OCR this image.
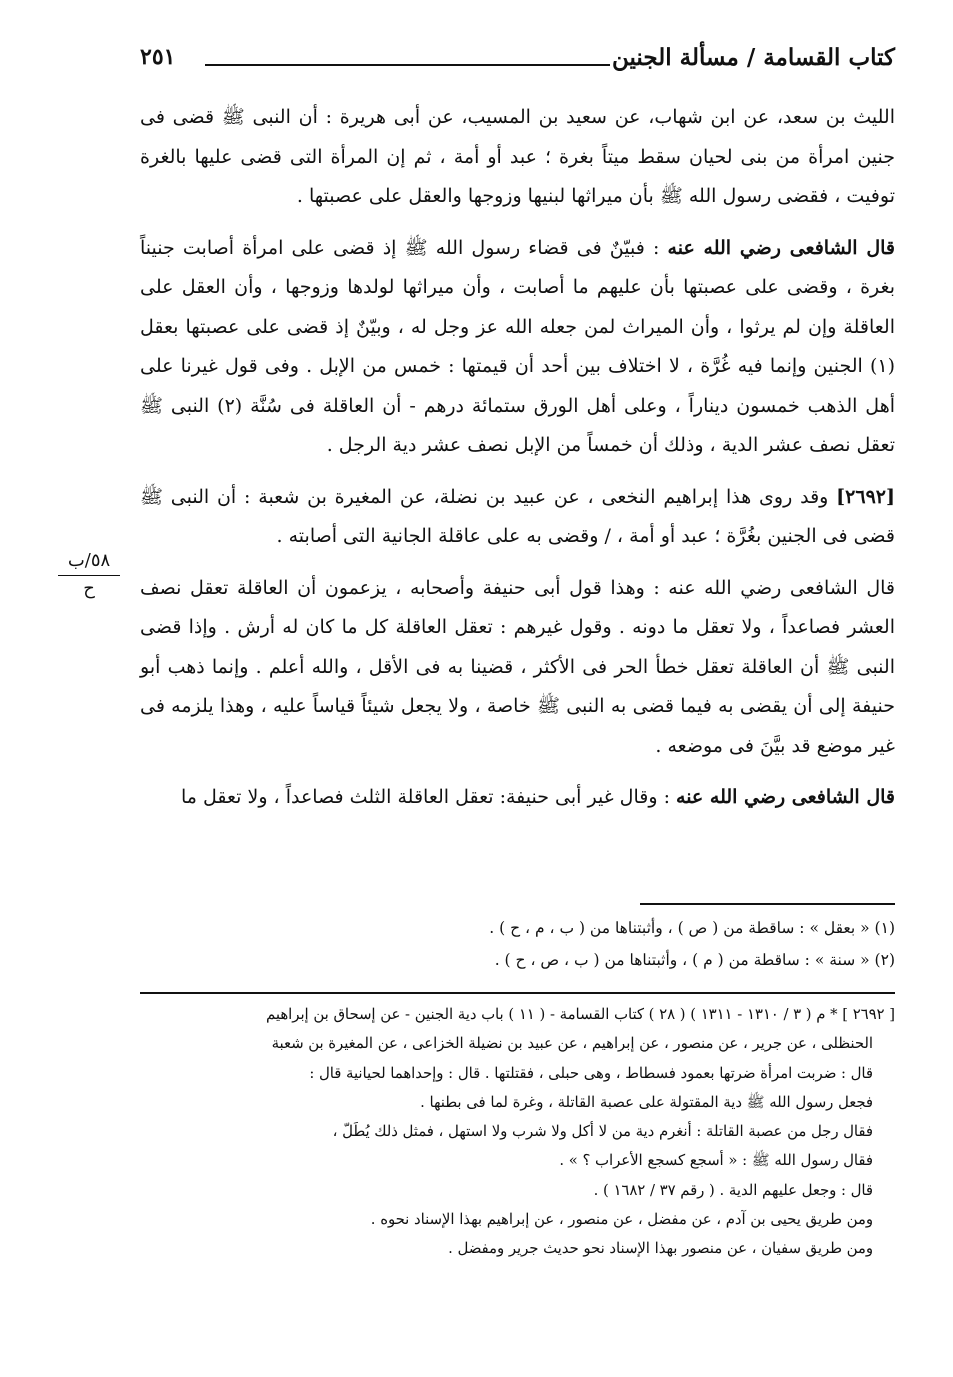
كتاب القسامة / مسألة الجنين
٢٥١

الليث بن سعد، عن ابن شهاب، عن سعيد بن المسيب، عن أبى هريرة : أن النبى ﷺ قضى فى جنين امرأة من بنى لحيان سقط ميتاً بغرة ؛ عبد أو أمة ، ثم إن المرأة التى قضى عليها بالغرة توفيت ، فقضى رسول الله ﷺ بأن ميراثها لبنيها وزوجها والعقل على عصبتها .

قال الشافعى رضي الله عنه : فبيّنٌ فى قضاء رسول الله ﷺ إذ قضى على امرأة أصابت جنيناً بغرة ، وقضى على عصبتها بأن عليهم ما أصابت ، وأن ميراثها لولدها وزوجها ، وأن العقل على العاقلة وإن لم يرثوا ، وأن الميراث لمن جعله الله عز وجل له ، وبيّنٌ إذ قضى على عصبتها بعقل (١) الجنين وإنما فيه غُرَّة ، لا اختلاف بين أحد أن قيمتها : خمس من الإبل . وفى قول غيرنا على أهل الذهب خمسون ديناراً ، وعلى أهل الورق ستمائة درهم - أن العاقلة فى سُنَّة (٢) النبى ﷺ تعقل نصف عشر الدية ، وذلك أن خمساً من الإبل نصف عشر دية الرجل .

[٢٦٩٢] وقد روى هذا إبراهيم النخعى ، عن عبيد بن نضلة، عن المغيرة بن شعبة : أن النبى ﷺ قضى فى الجنين بغُرَّة ؛ عبد أو أمة ، / وقضى به على عاقلة الجانية التى أصابته .

قال الشافعى رضي الله عنه : وهذا قول أبى حنيفة وأصحابه ، يزعمون أن العاقلة تعقل نصف العشر فصاعداً ، ولا تعقل ما دونه . وقول غيرهم : تعقل العاقلة كل ما كان له أرش . وإذا قضى النبى ﷺ أن العاقلة تعقل خطأ الحر فى الأكثر ، قضينا به فى الأقل ، والله أعلم . وإنما ذهب أبو حنيفة إلى أن يقضى به فيما قضى به النبى ﷺ خاصة ، ولا يجعل شيئاً قياساً عليه ، وهذا يلزمه فى غير موضع قد بيَّنَ فى موضعه .

قال الشافعى رضي الله عنه : وقال غير أبى حنيفة: تعقل العاقلة الثلث فصاعداً ، ولا تعقل ما

٥٨/ب
ح
(١) « بعقل » : ساقطة من ( ص ) ، وأثبتناها من ( ب ، م ، ح ) .
(٢) « سنة » : ساقطة من ( م ) ، وأثبتناها من ( ب ، ص ، ح ) .
[ ٢٦٩٢ ] * م ( ٣ / ١٣١٠ - ١٣١١ ) ( ٢٨ ) كتاب القسامة - ( ١١ ) باب دية الجنين - عن إسحاق بن إبراهيم
الحنظلى ، عن جرير ، عن منصور ، عن إبراهيم ، عن عبيد بن نضيلة الخزاعى ، عن المغيرة بن شعبة
قال : ضربت امرأة ضرتها بعمود فسطاط ، وهى حبلى ، فقتلتها . قال : وإحداهما لحيانية قال :
فجعل رسول الله ﷺ دية المقتولة على عصبة القاتلة ، وغرة لما فى بطنها .
فقال رجل من عصبة القاتلة : أنغرم دية من لا أكل ولا شرب ولا استهل ، فمثل ذلك يُطَلّ ،
فقال رسول الله ﷺ : « أسجع كسجع الأعراب ؟ » .
قال : وجعل عليهم الدية . ( رقم ٣٧ / ١٦٨٢ ) .
ومن طريق يحيى بن آدم ، عن مفضل ، عن منصور ، عن إبراهيم بهذا الإسناد نحوه .
ومن طريق سفيان ، عن منصور بهذا الإسناد نحو حديث جرير ومفضل .
